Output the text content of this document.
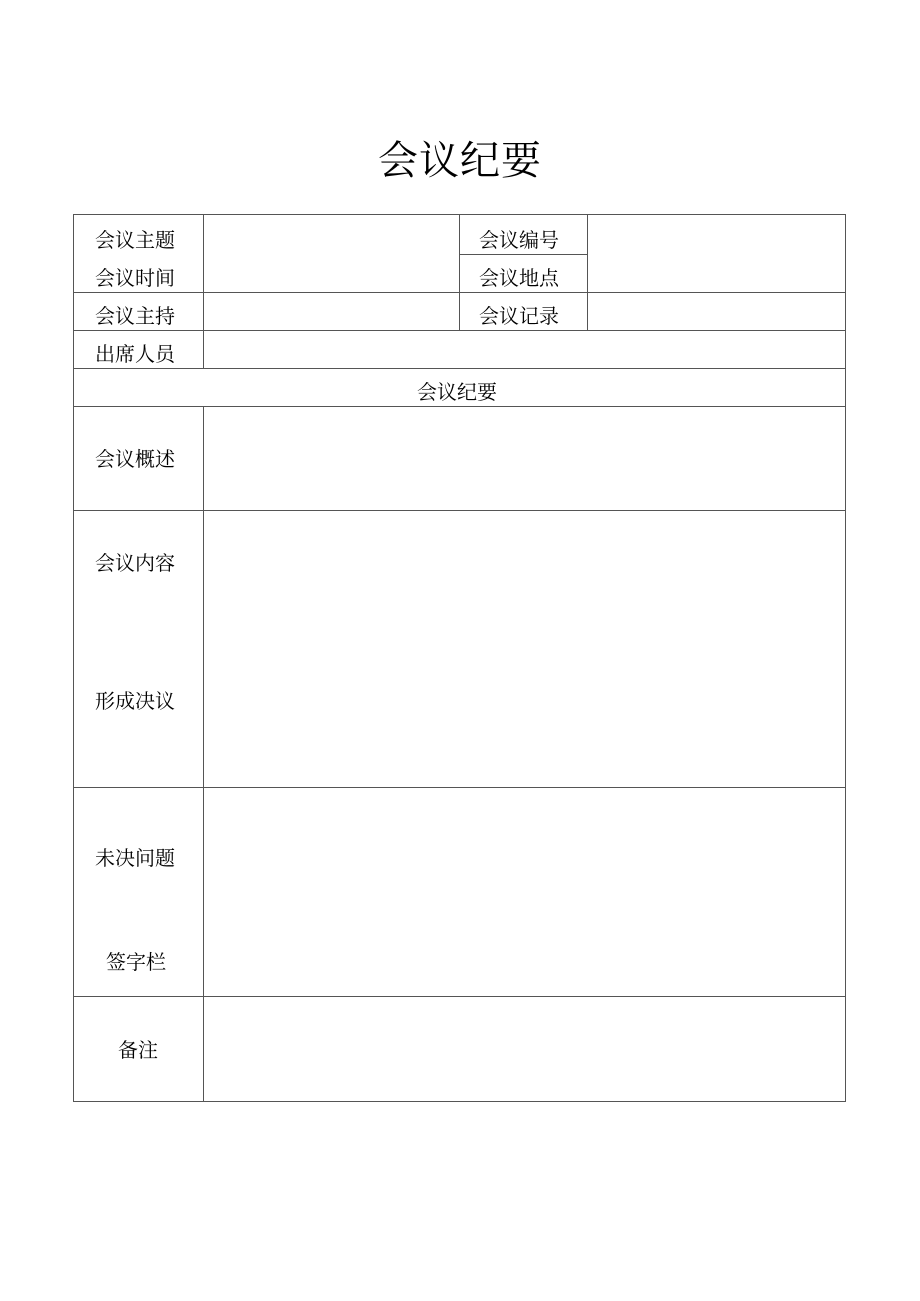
会议纪要
会议主题
会议时间
会议编号
会议地点
会议主持	会议记录
出席人员
会议纪要
会议概述
会议内容
形成决议
未决问题
签字栏
备注
